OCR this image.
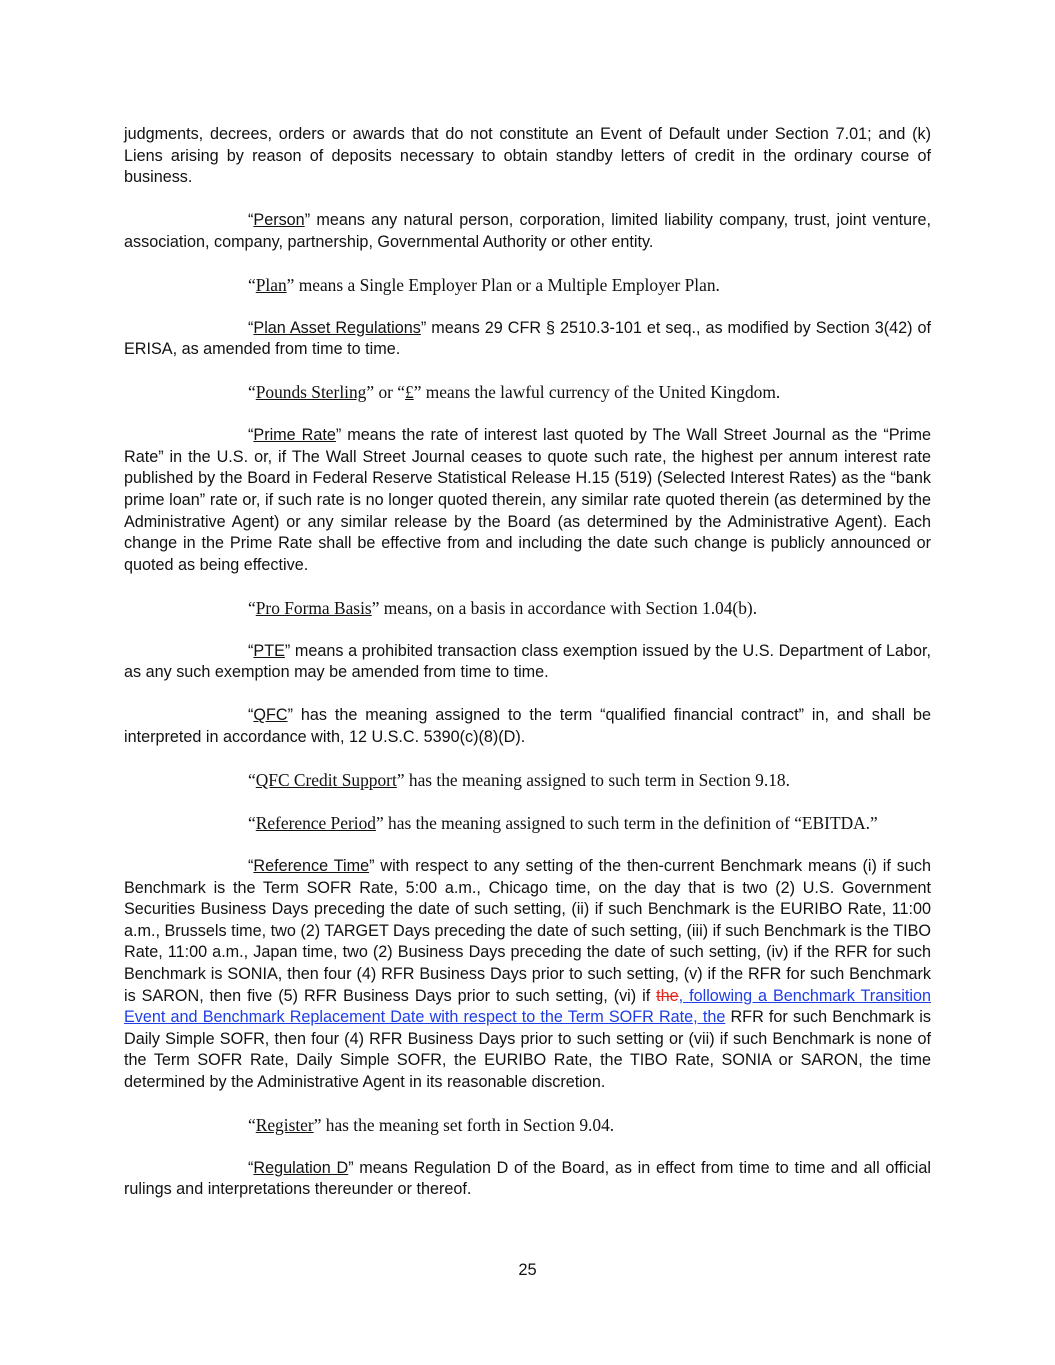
judgments, decrees, orders or awards that do not constitute an Event of Default under Section 7.01; and (k) Liens arising by reason of deposits necessary to obtain standby letters of credit in the ordinary course of business.

“Person” means any natural person, corporation, limited liability company, trust, joint venture, association, company, partnership, Governmental Authority or other entity.

“Plan” means a Single Employer Plan or a Multiple Employer Plan.

“Plan Asset Regulations” means 29 CFR § 2510.3-101 et seq., as modified by Section 3(42) of ERISA, as amended from time to time.

“Pounds Sterling” or “£” means the lawful currency of the United Kingdom.

“Prime Rate” means the rate of interest last quoted by The Wall Street Journal as the “Prime Rate” in the U.S. or, if The Wall Street Journal ceases to quote such rate, the highest per annum interest rate published by the Board in Federal Reserve Statistical Release H.15 (519) (Selected Interest Rates) as the “bank prime loan” rate or, if such rate is no longer quoted therein, any similar rate quoted therein (as determined by the Administrative Agent) or any similar release by the Board (as determined by the Administrative Agent). Each change in the Prime Rate shall be effective from and including the date such change is publicly announced or quoted as being effective.

“Pro Forma Basis” means, on a basis in accordance with Section 1.04(b).

“PTE” means a prohibited transaction class exemption issued by the U.S. Department of Labor, as any such exemption may be amended from time to time.

“QFC” has the meaning assigned to the term “qualified financial contract” in, and shall be interpreted in accordance with, 12 U.S.C. 5390(c)(8)(D).

“QFC Credit Support” has the meaning assigned to such term in Section 9.18.

“Reference Period” has the meaning assigned to such term in the definition of “EBITDA.”

“Reference Time” with respect to any setting of the then-current Benchmark means (i) if such Benchmark is the Term SOFR Rate, 5:00 a.m., Chicago time, on the day that is two (2) U.S. Government Securities Business Days preceding the date of such setting, (ii) if such Benchmark is the EURIBO Rate, 11:00 a.m., Brussels time, two (2) TARGET Days preceding the date of such setting, (iii) if such Benchmark is the TIBO Rate, 11:00 a.m., Japan time, two (2) Business Days preceding the date of such setting, (iv) if the RFR for such Benchmark is SONIA, then four (4) RFR Business Days prior to such setting, (v) if the RFR for such Benchmark is SARON, then five (5) RFR Business Days prior to such setting, (vi) if the, following a Benchmark Transition Event and Benchmark Replacement Date with respect to the Term SOFR Rate, the RFR for such Benchmark is Daily Simple SOFR, then four (4) RFR Business Days prior to such setting or (vii) if such Benchmark is none of the Term SOFR Rate, Daily Simple SOFR, the EURIBO Rate, the TIBO Rate, SONIA or SARON, the time determined by the Administrative Agent in its reasonable discretion.

“Register” has the meaning set forth in Section 9.04.

“Regulation D” means Regulation D of the Board, as in effect from time to time and all official rulings and interpretations thereunder or thereof.

25
